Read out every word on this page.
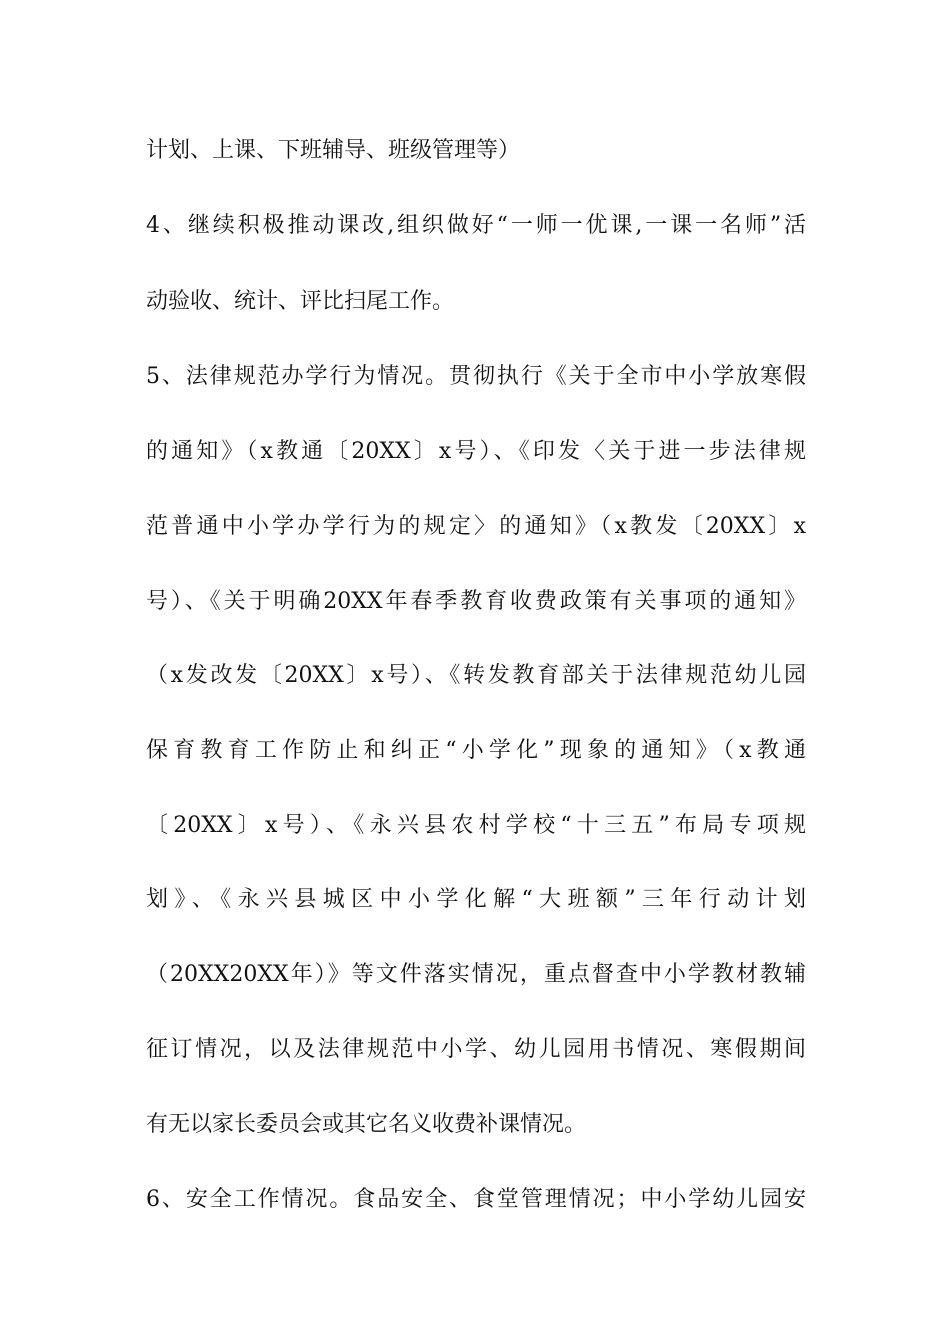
计划、上课、下班辅导、班级管理等）
4、继续积极推动课改,组织做好“一师一优课,一课一名师”活
动验收、统计、评比扫尾工作。
5、法律规范办学行为情况。贯彻执行《关于全市中小学放寒假
的通知》（x教通〔20XX〕x号）、《印发〈关于进一步法律规
范普通中小学办学行为的规定〉的通知》（x教发〔20XX〕x
号）、《关于明确20XX年春季教育收费政策有关事项的通知》
（x发改发〔20XX〕x号）、《转发教育部关于法律规范幼儿园
保育教育工作防止和纠正“小学化”现象的通知》（x教通
〔20XX〕x号）、《永兴县农村学校“十三五”布局专项规
划》、《永兴县城区中小学化解“大班额”三年行动计划
（20XX20XX年）》等文件落实情况，重点督查中小学教材教辅
征订情况，以及法律规范中小学、幼儿园用书情况、寒假期间
有无以家长委员会或其它名义收费补课情况。
6、安全工作情况。食品安全、食堂管理情况；中小学幼儿园安
